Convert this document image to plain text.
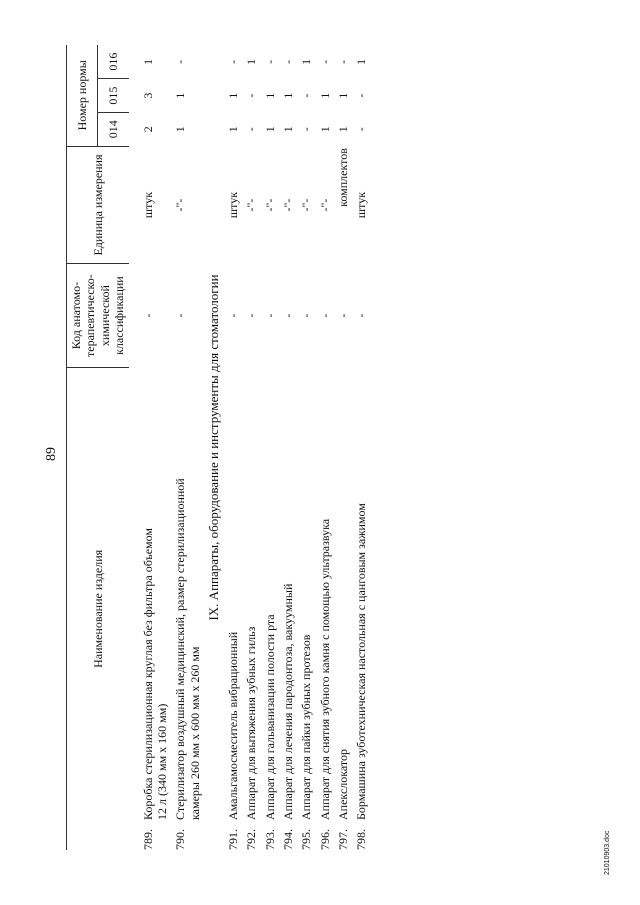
89
Наименование изделия	Код анатомо-терапевтическо-химической классификации	Единица измерения	Номер нормы		
			014	015	016
789.Коробка стерилизационная круглая без фильтра объемом 12 л (340 мм х 160 мм)	-	штук	2	3	1
790.Стерилизатор воздушный медицинский, размер стерилизационной камеры 260 мм х 600 мм х 260 мм	-	-"-	1	1	-
IX. Аппараты, оборудование и инструменты для стоматологии					
791.Амальгамосмеситель вибрационный	-	штук	1	1	-
792.Аппарат для вытяжения зубных гильз	-	-"-	-	-	1
793.Аппарат для гальванизации полости рта	-	-"-	1	1	-
794.Аппарат для лечения пародонтоза, вакуумный	-	-"-	1	1	-
795.Аппарат для пайки зубных протезов	-	-"-	-	-	1
796.Аппарат для снятия зубного камня с помощью ультразвука	-	-"-	1	1	-
797.Апекслокатор	-	комплектов	1	1	-
798.Бормашина зуботехническая настольная с цанговым зажимом	-	штук	-	-	1
21010903.doc
